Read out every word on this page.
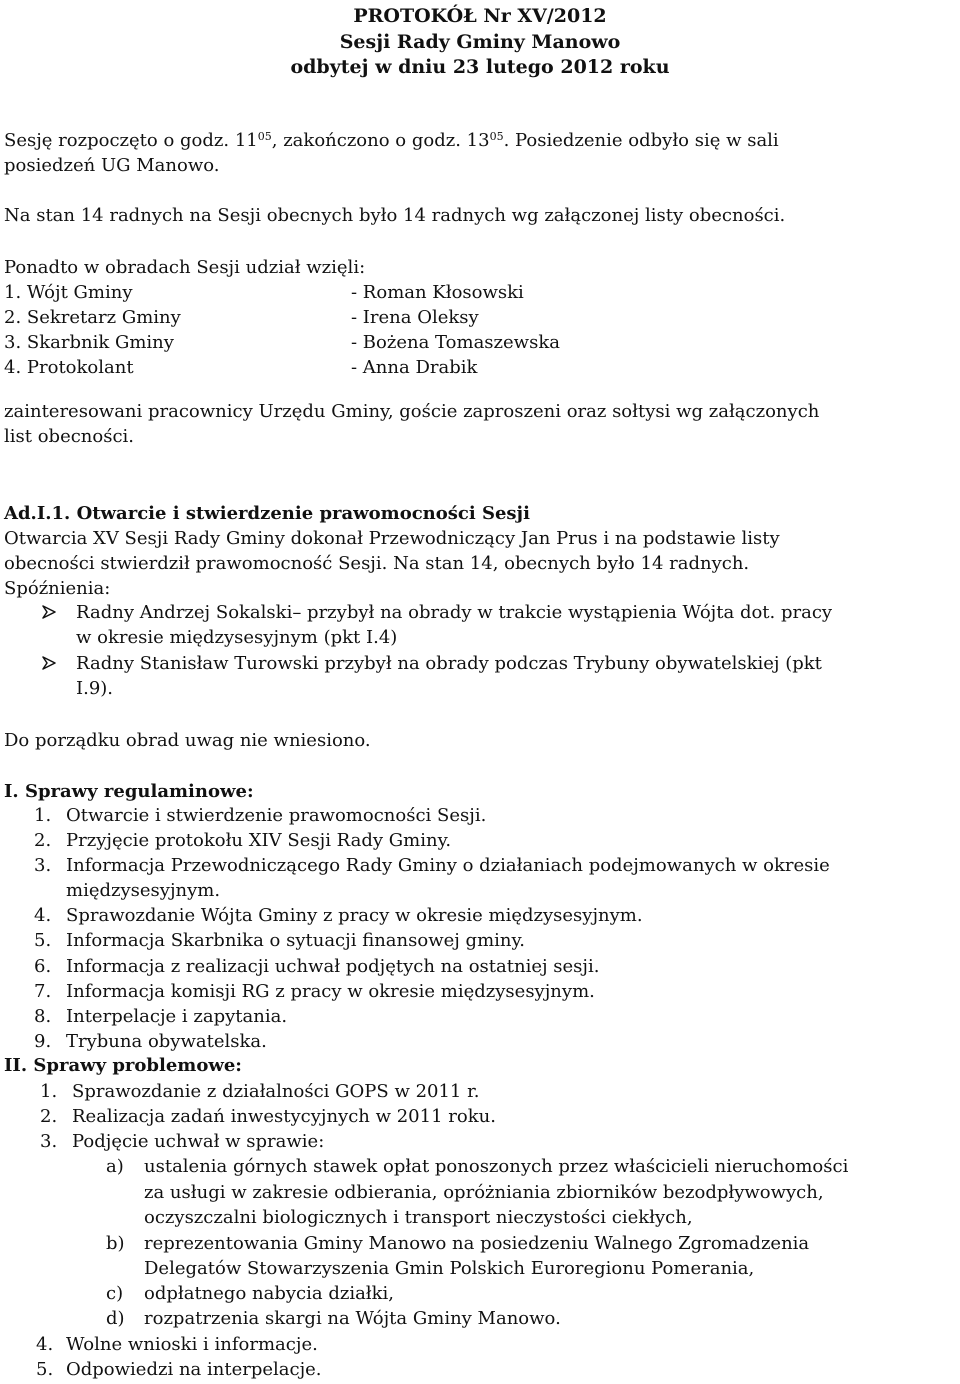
PROTOKÓŁ Nr XV/2012
Sesji Rady Gminy Manowo
odbytej w dniu 23 lutego 2012 roku
Sesję rozpoczęto o godz. $11^{05}$, zakończono o godz. $13^{05}$. Posiedzenie odbyło się w sali
posiedzeń UG Manowo.
Na stan 14 radnych na Sesji obecnych było 14 radnych wg załączonej listy obecności.
Ponadto w obradach Sesji udział wzięli:
1. Wójt Gminy	- Roman Kłosowski
2. Sekretarz Gminy	- Irena Oleksy
3. Skarbnik Gminy	- Bożena Tomaszewska
4. Protokolant	- Anna Drabik
zainteresowani pracownicy Urzędu Gminy, goście zaproszeni oraz sołtysi wg załączonych
list obecności.
Ad.I.1. Otwarcie i stwierdzenie prawomocności Sesji
Otwarcia XV Sesji Rady Gminy dokonał Przewodniczący Jan Prus i na podstawie listy
obecności stwierdził prawomocność Sesji. Na stan 14, obecnych było 14 radnych.
Spóźnienia:
Radny Andrzej Sokalski– przybył na obrady w trakcie wystąpienia Wójta dot. pracy
w okresie międzysesyjnym (pkt I.4)
Radny Stanisław Turowski przybył na obrady podczas Trybuny obywatelskiej (pkt
I.9).
Do porządku obrad uwag nie wniesiono.
I. Sprawy regulaminowe:
1. Otwarcie i stwierdzenie prawomocności Sesji.
2. Przyjęcie protokołu XIV Sesji Rady Gminy.
3. Informacja Przewodniczącego Rady Gminy o działaniach podejmowanych w okresie
międzysesyjnym.
4. Sprawozdanie Wójta Gminy z pracy w okresie międzysesyjnym.
5. Informacja Skarbnika o sytuacji finansowej gminy.
6. Informacja z realizacji uchwał podjętych na ostatniej sesji.
7. Informacja komisji RG z pracy w okresie międzysesyjnym.
8. Interpelacje i zapytania.
9. Trybuna obywatelska.
II. Sprawy problemowe:
1. Sprawozdanie z działalności GOPS w 2011 r.
2. Realizacja zadań inwestycyjnych w 2011 roku.
3. Podjęcie uchwał w sprawie:
a) ustalenia górnych stawek opłat ponoszonych przez właścicieli nieruchomości
za usługi w zakresie odbierania, opróżniania zbiorników bezodpływowych,
oczyszczalni biologicznych i transport nieczystości ciekłych,
b) reprezentowania Gminy Manowo na posiedzeniu Walnego Zgromadzenia
Delegatów Stowarzyszenia Gmin Polskich Euroregionu Pomerania,
c) odpłatnego nabycia działki,
d) rozpatrzenia skargi na Wójta Gminy Manowo.
4. Wolne wnioski i informacje.
5. Odpowiedzi na interpelacje.
